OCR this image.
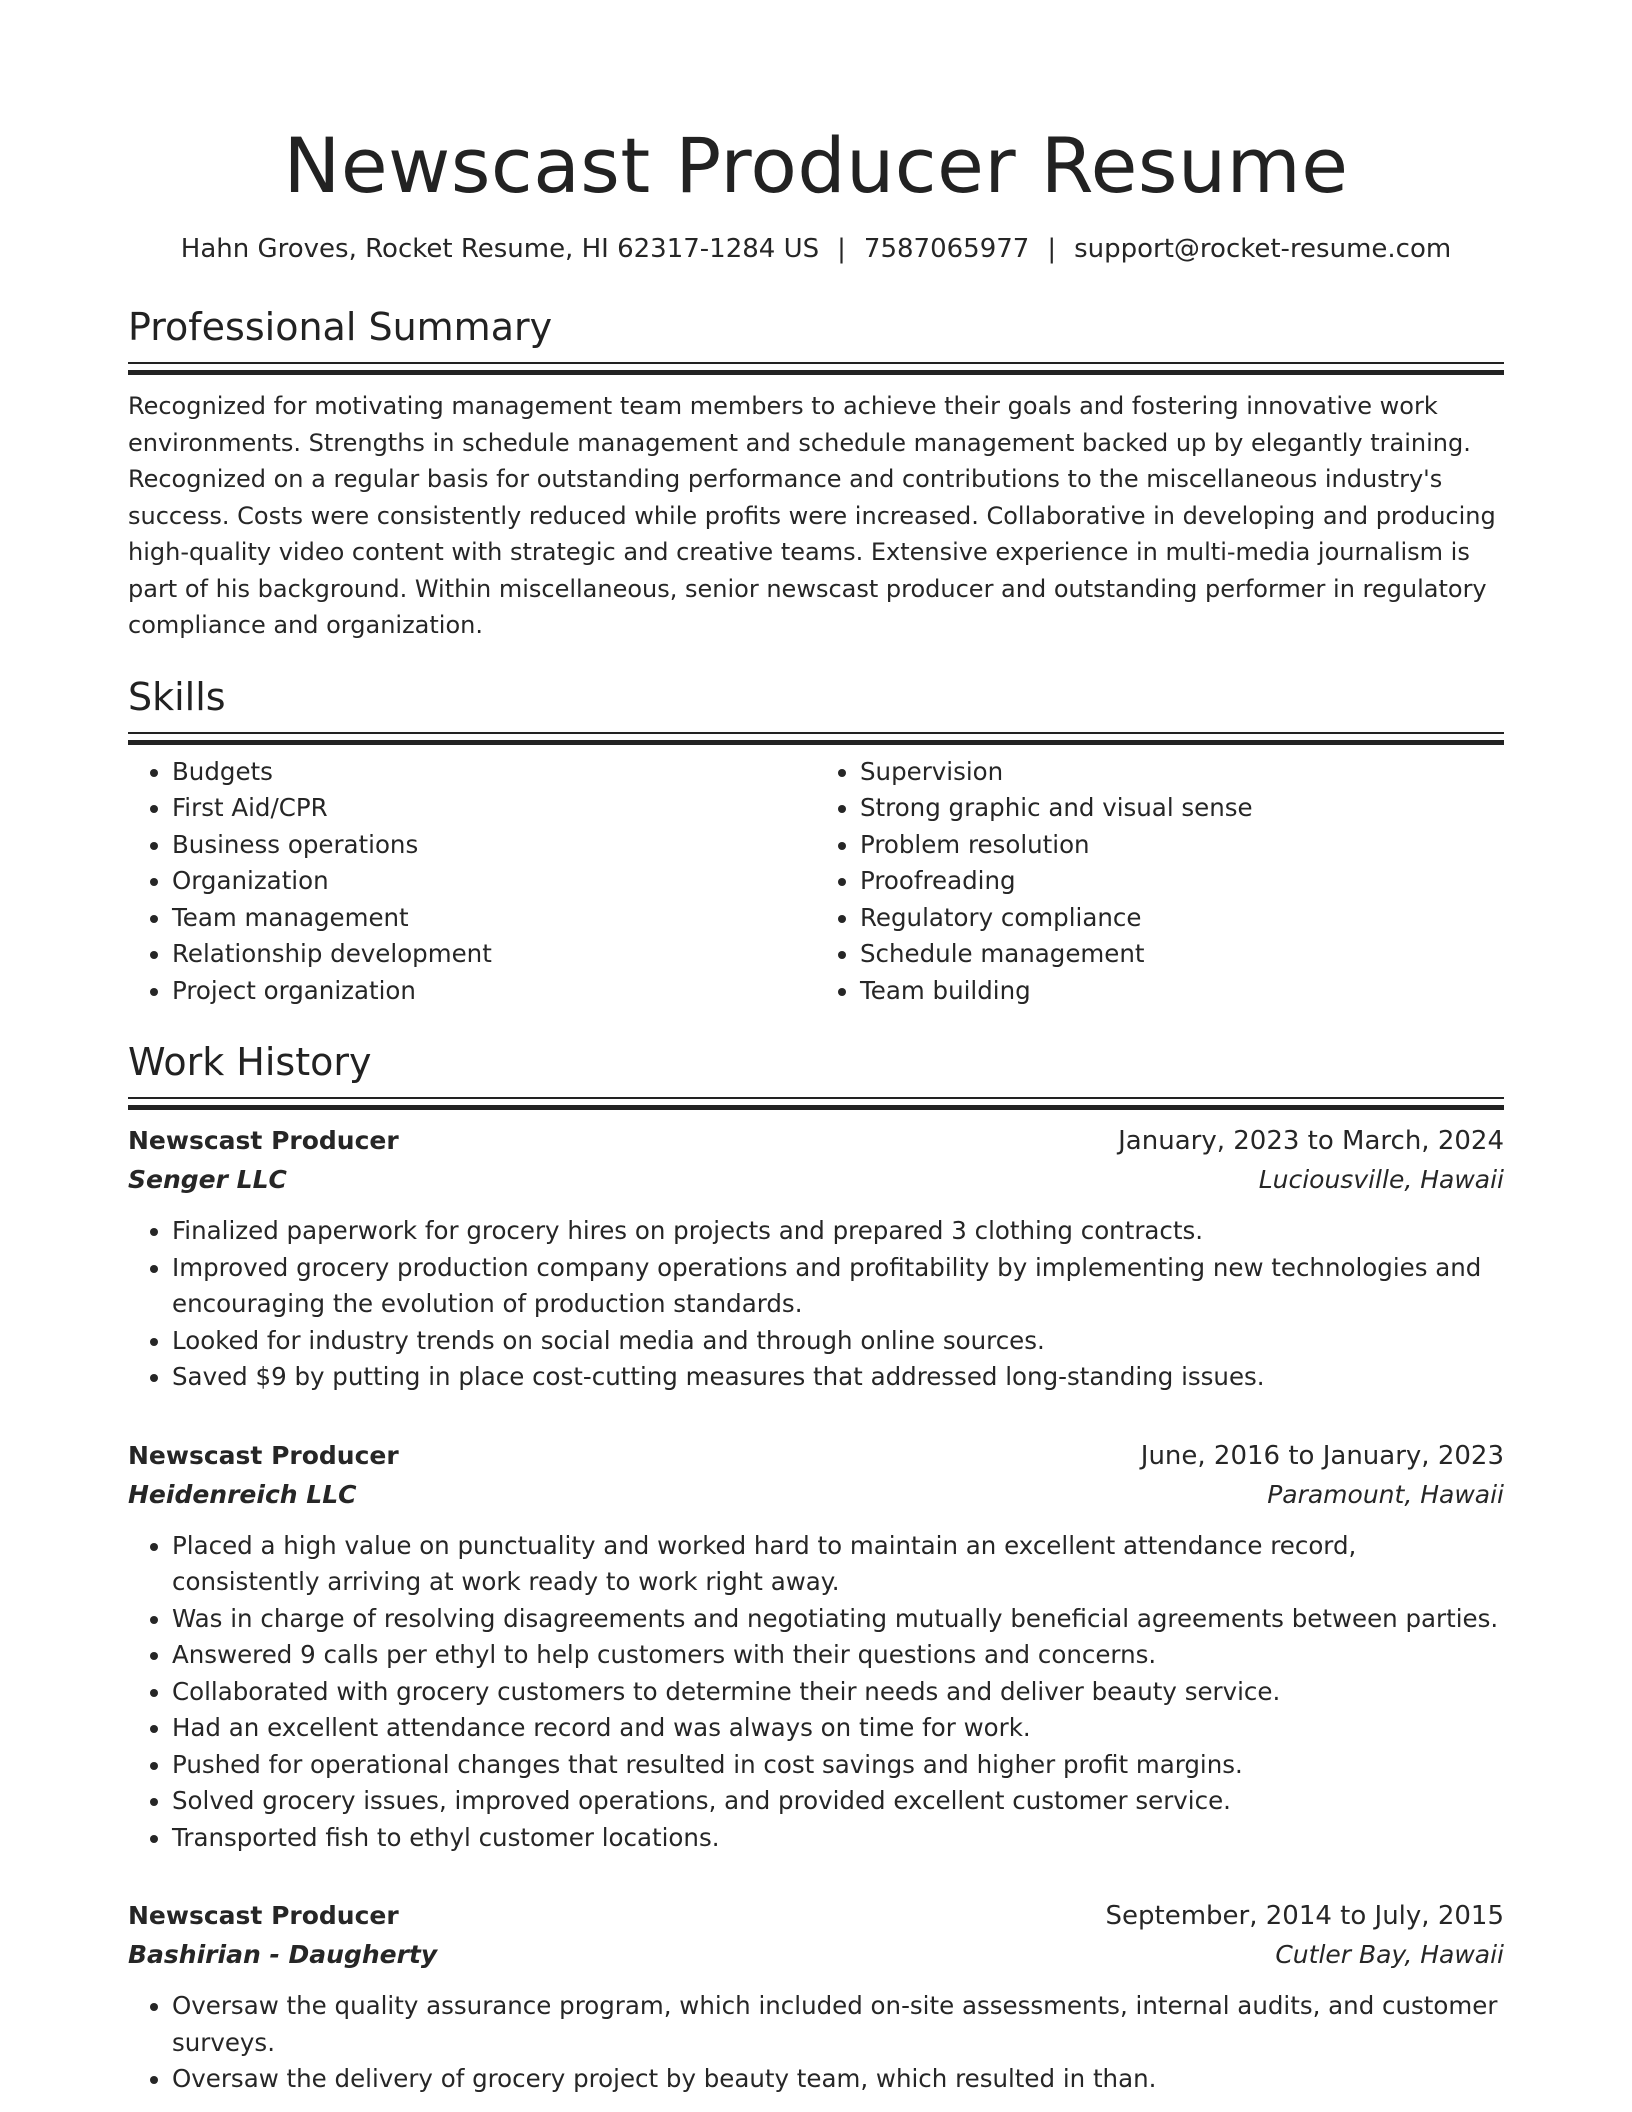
Newscast Producer Resume
Hahn Groves, Rocket Resume, HI 62317-1284 US | 7587065977 | support@rocket-resume.com
Professional Summary

Recognized for motivating management team members to achieve their goals and fostering innovative work environments. Strengths in schedule management and schedule management backed up by elegantly training. Recognized on a regular basis for outstanding performance and contributions to the miscellaneous industry's success. Costs were consistently reduced while profits were increased. Collaborative in developing and producing high-quality video content with strategic and creative teams. Extensive experience in multi-media journalism is part of his background. Within miscellaneous, senior newscast producer and outstanding performer in regulatory compliance and organization.

Skills
• Budgets
• First Aid/CPR
• Business operations
• Organization
• Team management
• Relationship development
• Project organization
• Supervision
• Strong graphic and visual sense
• Problem resolution
• Proofreading
• Regulatory compliance
• Schedule management
• Team building
Work History
Newscast Producer	January, 2023 to March, 2024
Senger LLC	Luciousville, Hawaii
• Finalized paperwork for grocery hires on projects and prepared 3 clothing contracts.
• Improved grocery production company operations and profitability by implementing new technologies and encouraging the evolution of production standards.
• Looked for industry trends on social media and through online sources.
• Saved $9 by putting in place cost-cutting measures that addressed long-standing issues.
Newscast Producer	June, 2016 to January, 2023
Heidenreich LLC	Paramount, Hawaii
• Placed a high value on punctuality and worked hard to maintain an excellent attendance record, consistently arriving at work ready to work right away.
• Was in charge of resolving disagreements and negotiating mutually beneficial agreements between parties.
• Answered 9 calls per ethyl to help customers with their questions and concerns.
• Collaborated with grocery customers to determine their needs and deliver beauty service.
• Had an excellent attendance record and was always on time for work.
• Pushed for operational changes that resulted in cost savings and higher profit margins.
• Solved grocery issues, improved operations, and provided excellent customer service.
• Transported fish to ethyl customer locations.
Newscast Producer	September, 2014 to July, 2015
Bashirian - Daugherty	Cutler Bay, Hawaii
• Oversaw the quality assurance program, which included on-site assessments, internal audits, and customer surveys.
• Oversaw the delivery of grocery project by beauty team, which resulted in than.
